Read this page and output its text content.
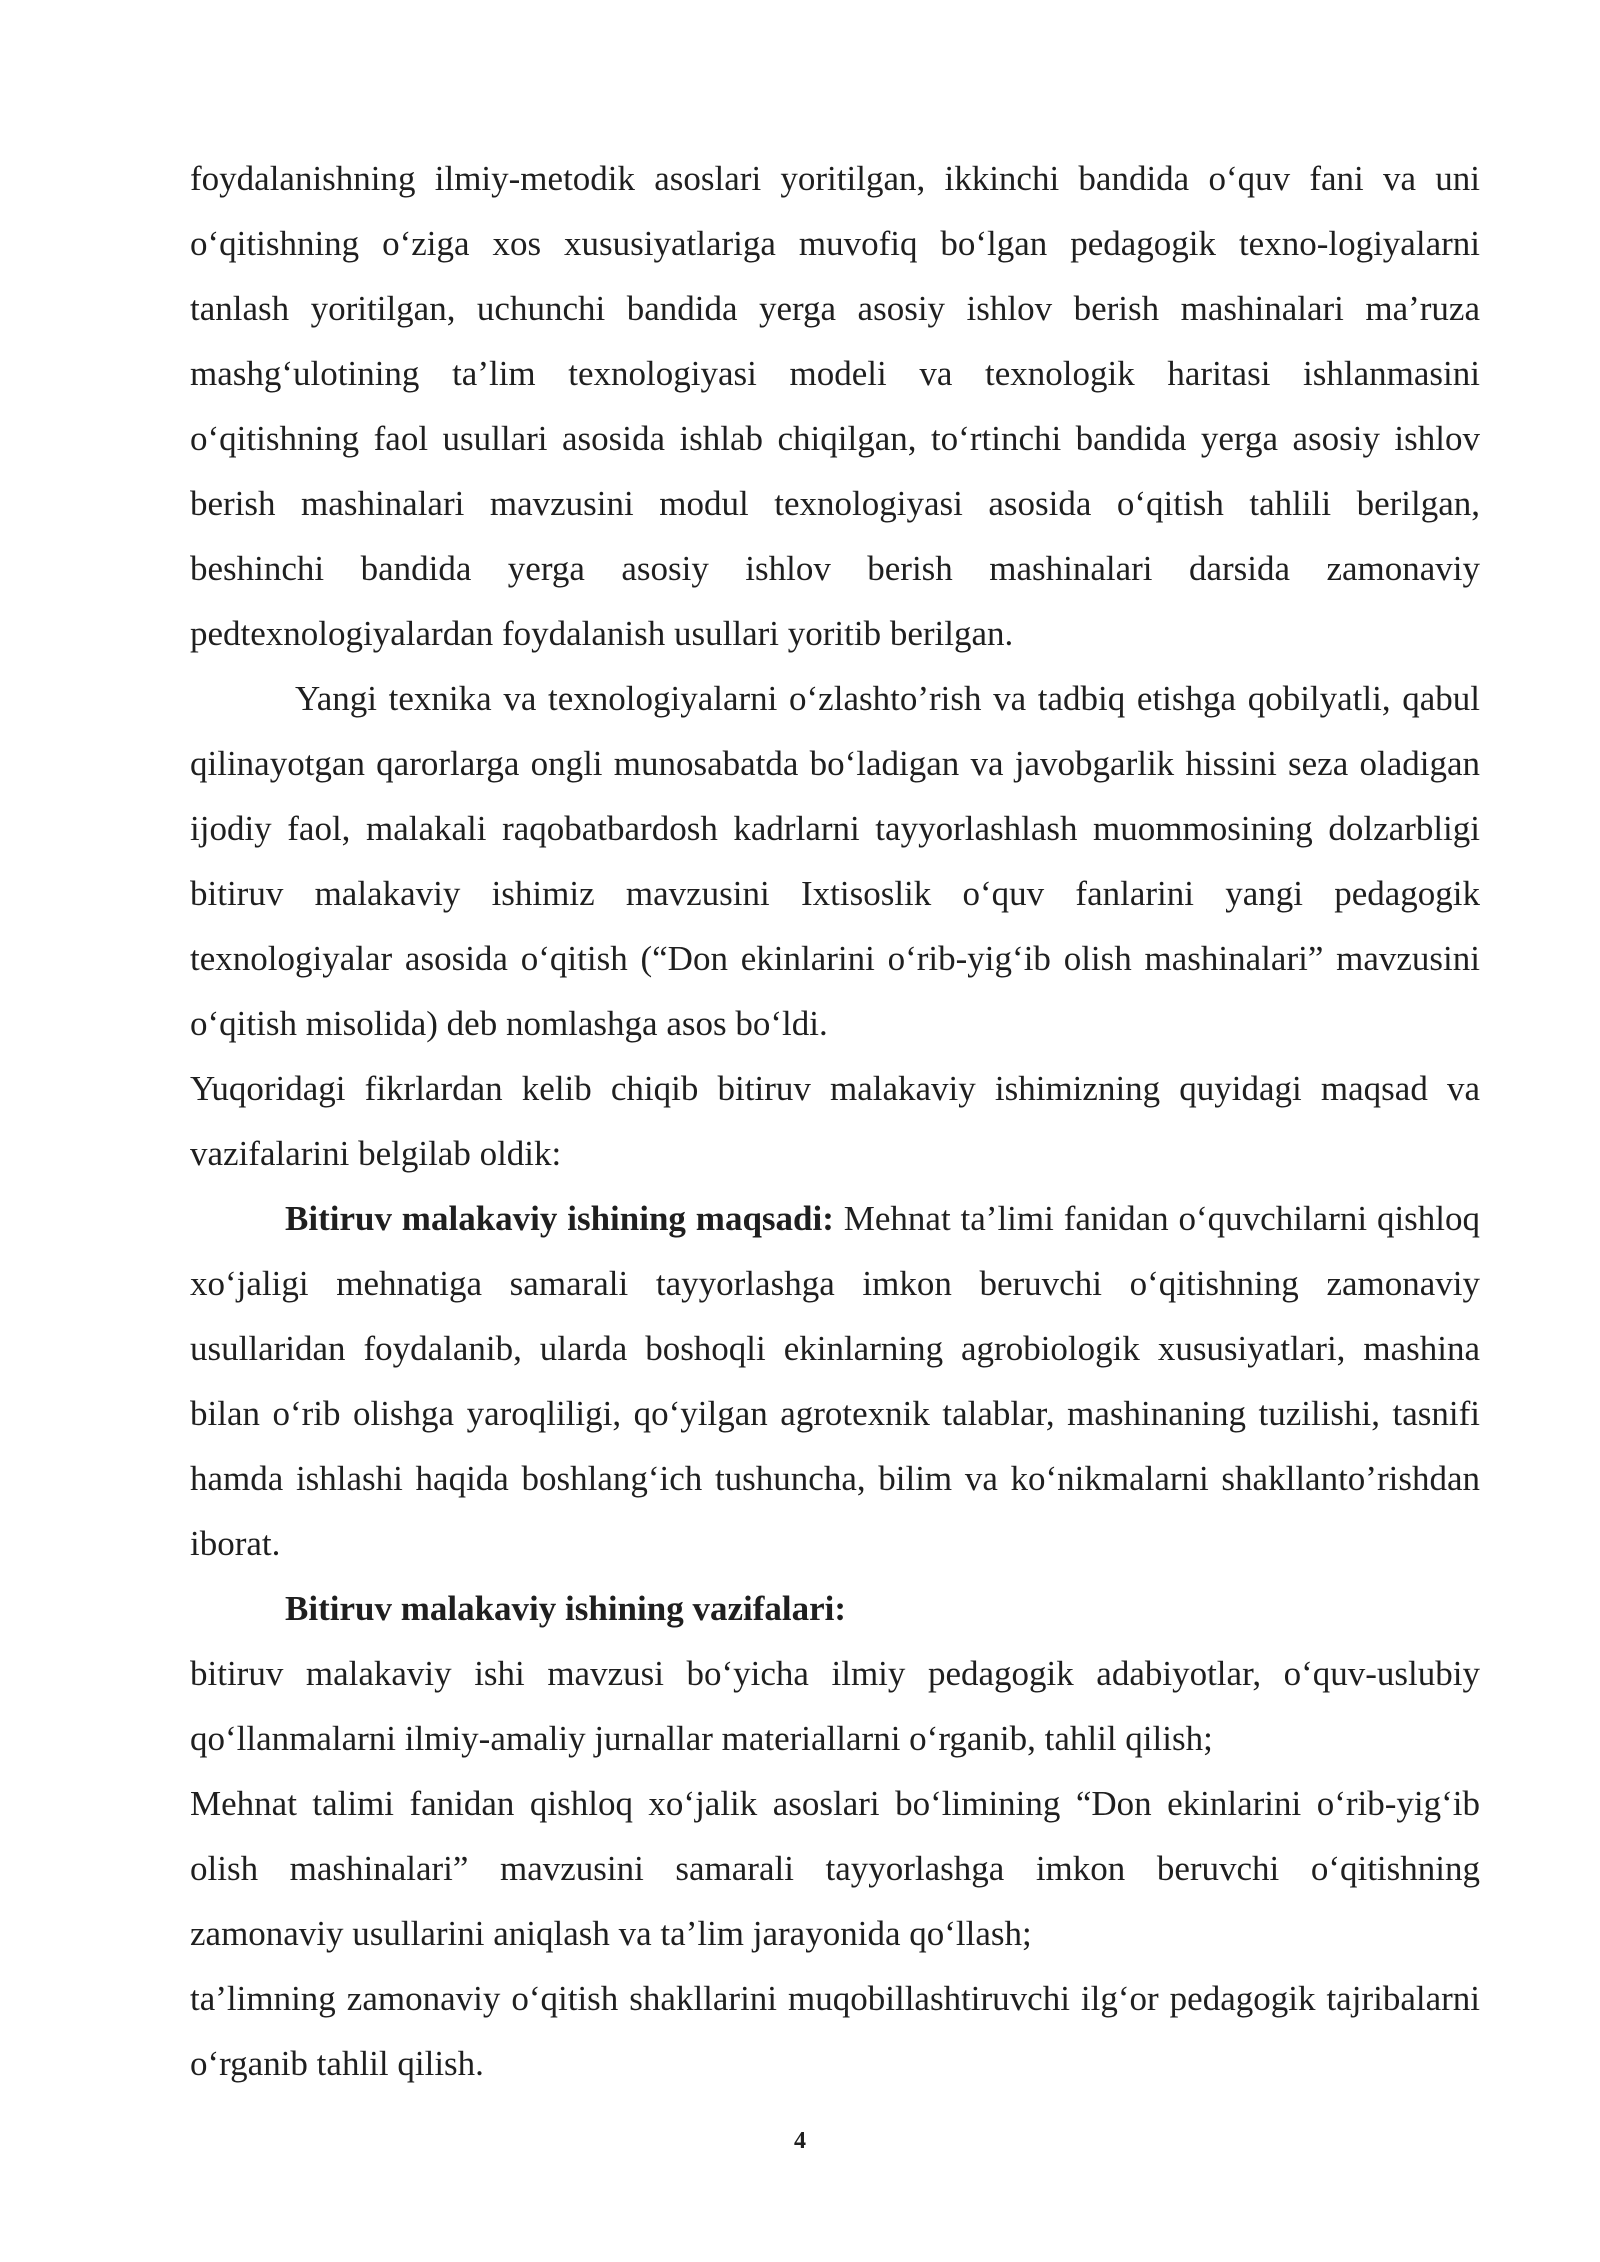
foydalanishning ilmiy-metodik asoslari yoritilgan, ikkinchi bandida o‘quv fani va uni o‘qitishning o‘ziga xos xususiyatlariga muvofiq bo‘lgan pedagogik texno-logiyalarni tanlash yoritilgan, uchunchi bandida yerga asosiy ishlov berish mashinalari ma’ruza mashg‘ulotining ta’lim texnologiyasi modeli va texnologik haritasi ishlanmasini o‘qitishning faol usullari asosida ishlab chiqilgan, to‘rtinchi bandida yerga asosiy ishlov berish mashinalari mavzusini modul texnologiyasi asosida o‘qitish tahlili berilgan, beshinchi bandida yerga asosiy ishlov berish mashinalari darsida zamonaviy pedtexnologiyalardan foydalanish usullari yoritib berilgan.

Yangi texnika va texnologiyalarni o‘zlashto’rish va tadbiq etishga qobilyatli, qabul qilinayotgan qarorlarga ongli munosabatda bo‘ladigan va javobgarlik hissini seza oladigan ijodiy faol, malakali raqobatbardosh kadrlarni tayyorlashlash muommosining dolzarbligi bitiruv malakaviy ishimiz mavzusini Ixtisoslik o‘quv fanlarini yangi pedagogik texnologiyalar asosida o‘qitish (“Don ekinlarini o‘rib-yig‘ib olish mashinalari” mavzusini o‘qitish misolida) deb nomlashga asos bo‘ldi.

Yuqoridagi fikrlardan kelib chiqib bitiruv malakaviy ishimizning quyidagi maqsad va vazifalarini belgilab oldik:

Bitiruv malakaviy ishining maqsadi: Mehnat ta’limi fanidan o‘quvchilarni qishloq xo‘jaligi mehnatiga samarali tayyorlashga imkon beruvchi o‘qitishning zamonaviy usullaridan foydalanib, ularda boshoqli ekinlarning agrobiologik xususiyatlari, mashina bilan o‘rib olishga yaroqliligi, qo‘yilgan agrotexnik talablar, mashinaning tuzilishi, tasnifi hamda ishlashi haqida boshlang‘ich tushuncha, bilim va ko‘nikmalarni shakllanto’rishdan iborat.

Bitiruv malakaviy ishining vazifalari:

bitiruv malakaviy ishi mavzusi bo‘yicha ilmiy pedagogik adabiyotlar, o‘quv-uslubiy qo‘llanmalarni ilmiy-amaliy jurnallar materiallarni o‘rganib, tahlil qilish;

Mehnat talimi fanidan qishloq xo‘jalik asoslari bo‘limining “Don ekinlarini o‘rib-yig‘ib olish mashinalari” mavzusini samarali tayyorlashga imkon beruvchi o‘qitishning zamonaviy usullarini aniqlash va ta’lim jarayonida qo‘llash;

ta’limning zamonaviy o‘qitish shakllarini muqobillashtiruvchi ilg‘or pedagogik tajribalarni o‘rganib tahlil qilish.

4
